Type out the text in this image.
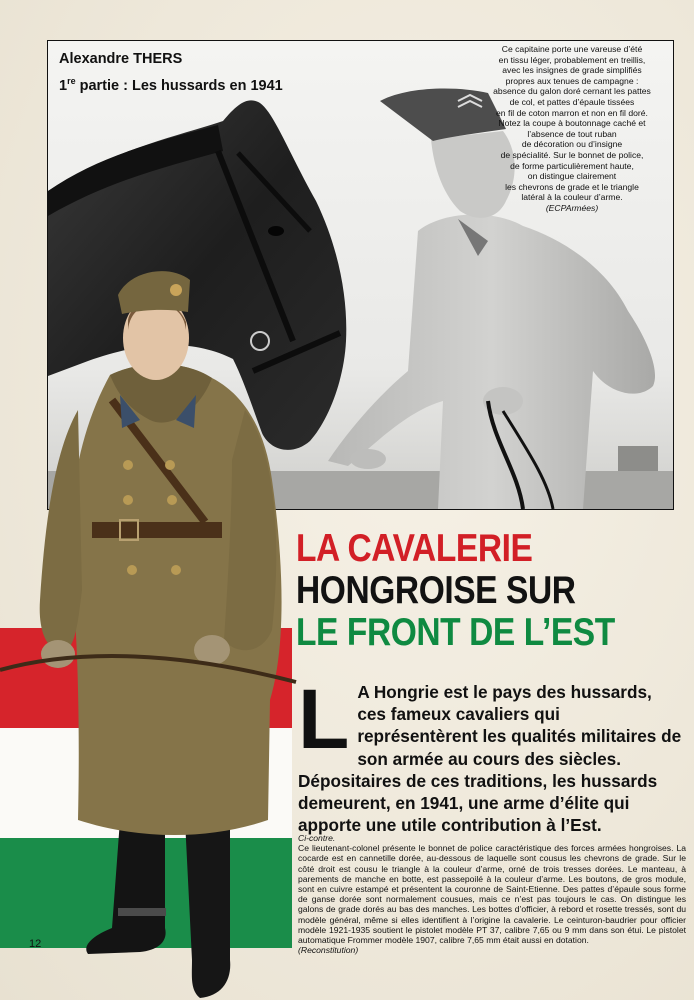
Alexandre THERS
1re partie : Les hussards en 1941
Ce capitaine porte une vareuse d’été
en tissu léger, probablement en treillis,
avec les insignes de grade simplifiés
propres aux tenues de campagne :
absence du galon doré cernant les pattes
de col, et pattes d’épaule tissées
en fil de coton marron et non en fil doré.
Notez la coupe à boutonnage caché et
l’absence de tout ruban
de décoration ou d’insigne
de spécialité. Sur le bonnet de police,
de forme particulièrement haute,
on distingue clairement
les chevrons de grade et le triangle
latéral à la couleur d’arme.
(ECPArmées)
LA CAVALERIE
HONGROISE SUR
LE FRONT DE L’EST
L A Hongrie est le pays des hussards, ces fameux cavaliers qui représentèrent les qualités militaires de son armée au cours des siècles. Dépositaires de ces traditions, les hussards demeurent, en 1941, une arme d’élite qui apporte une utile contribution à l’Est.
Ci-contre.
Ce lieutenant-colonel présente le bonnet de police caractéristique des forces armées hongroises. La cocarde est en cannetille dorée, au-dessous de laquelle sont cousus les chevrons de grade. Sur le côté droit est cousu le triangle à la couleur d’arme, orné de trois tresses dorées. Le manteau, à parements de manche en botte, est passepoilé à la couleur d’arme. Les boutons, de gros module, sont en cuivre estampé et présentent la couronne de Saint-Etienne. Des pattes d’épaule sous forme de ganse dorée sont normalement cousues, mais ce n’est pas toujours le cas. On distingue les galons de grade dorés au bas des manches. Les bottes d’officier, à rebord et rosette tressés, sont du modèle général, même si elles identifient à l’origine la cavalerie. Le ceinturon-baudrier pour officier modèle 1921-1935 soutient le pistolet modèle PT 37, calibre 7,65 ou 9 mm dans son étui. Le pistolet automatique Frommer modèle 1907, calibre 7,65 mm était aussi en dotation.
(Reconstitution)
12
